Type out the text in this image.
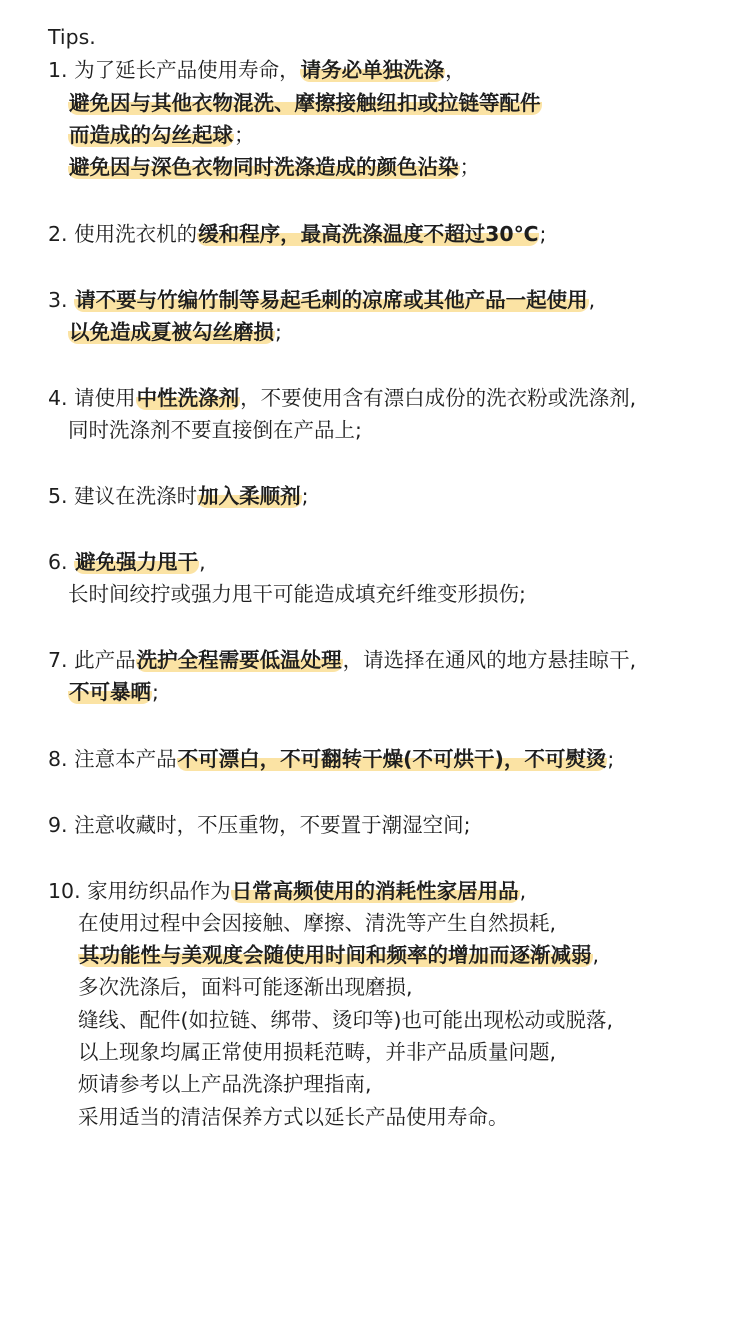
Tips.
1. 为了延长产品使用寿命，请务必单独洗涤，
避免因与其他衣物混洗、摩擦接触纽扣或拉链等配件
而造成的勾丝起球；
避免因与深色衣物同时洗涤造成的颜色沾染；
2. 使用洗衣机的缓和程序，最高洗涤温度不超过30℃;
3. 请不要与竹编竹制等易起毛刺的凉席或其他产品一起使用,
以免造成夏被勾丝磨损;
4. 请使用中性洗涤剂，不要使用含有漂白成份的洗衣粉或洗涤剂,
同时洗涤剂不要直接倒在产品上;
5. 建议在洗涤时加入柔顺剂;
6. 避免强力甩干,
长时间绞拧或强力甩干可能造成填充纤维变形损伤;
7. 此产品洗护全程需要低温处理，请选择在通风的地方悬挂晾干,
不可暴晒;
8. 注意本产品不可漂白，不可翻转干燥(不可烘干)，不可熨烫;
9. 注意收藏时，不压重物，不要置于潮湿空间;
10. 家用纺织品作为日常高频使用的消耗性家居用品,
在使用过程中会因接触、摩擦、清洗等产生自然损耗,
其功能性与美观度会随使用时间和频率的增加而逐渐减弱,
多次洗涤后，面料可能逐渐出现磨损,
缝线、配件(如拉链、绑带、烫印等)也可能出现松动或脱落,
以上现象均属正常使用损耗范畴，并非产品质量问题,
烦请参考以上产品洗涤护理指南,
采用适当的清洁保养方式以延长产品使用寿命。
